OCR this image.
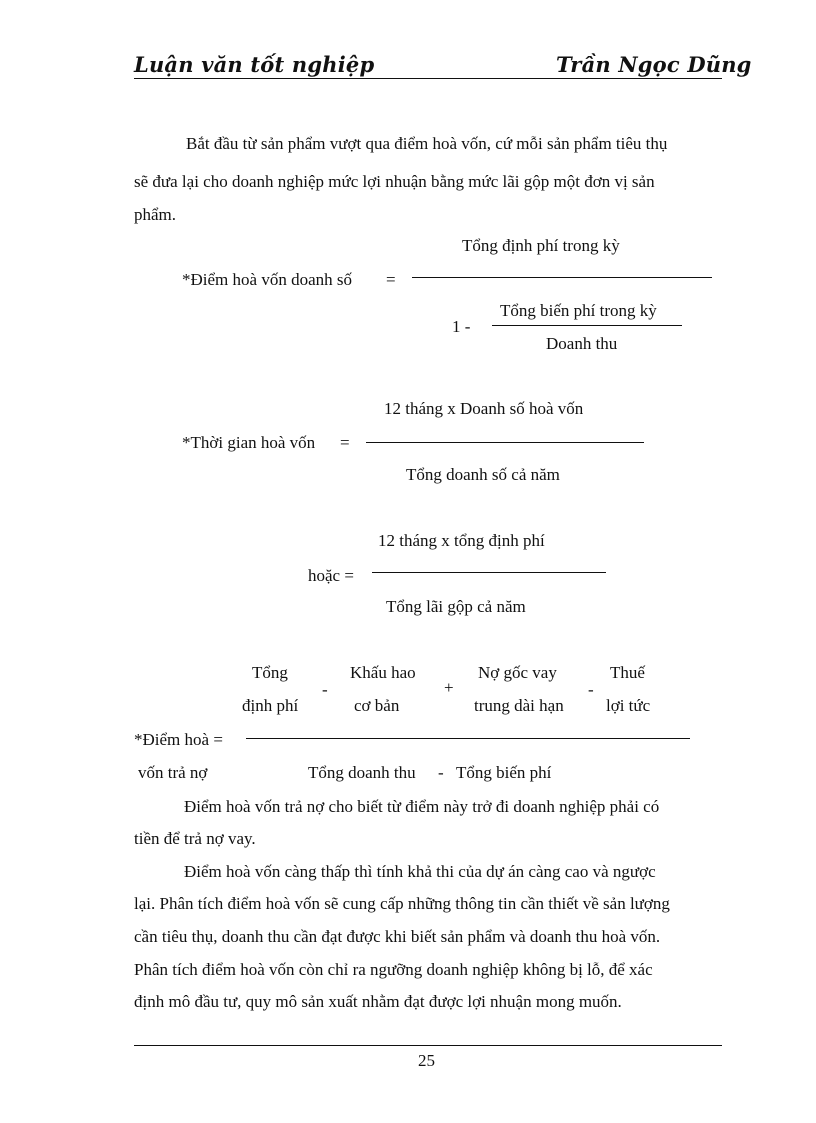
Luận văn tốt nghiệp	Trần Ngọc Dũng
Bắt đầu từ sản phẩm vượt qua điểm hoà vốn, cứ mỗi sản phẩm tiêu thụ
sẽ đưa lại cho doanh nghiệp mức lợi nhuận bằng mức lãi gộp một đơn vị sản
phẩm.
Tổng định phí trong kỳ
*Điểm hoà vốn doanh số =
Tổng biến phí trong kỳ
1 -
Doanh thu
12 tháng x Doanh số hoà vốn
*Thời gian hoà vốn =
Tổng doanh số cả năm
12 tháng x tổng định phí
hoặc =
Tổng lãi gộp cả năm
Tổng
định phí
-
Khấu hao
cơ bản
+
Nợ gốc vay
trung dài hạn
-
Thuế
lợi tức
*Điểm hoà =
vốn trả nợ	Tổng doanh thu - Tổng biến phí
Điểm hoà vốn trả nợ cho biết từ điểm này trở đi doanh nghiệp phải có
tiền để trả nợ vay.
Điểm hoà vốn càng thấp thì tính khả thi của dự án càng cao và ngược
lại. Phân tích điểm hoà vốn sẽ cung cấp những thông tin cần thiết về sản lượng
cần tiêu thụ, doanh thu cần đạt được khi biết sản phẩm và doanh thu hoà vốn.
Phân tích điểm hoà vốn còn chỉ ra ngưỡng doanh nghiệp không bị lỗ, để xác
định mô đầu tư, quy mô sản xuất nhằm đạt được lợi nhuận mong muốn.
25
